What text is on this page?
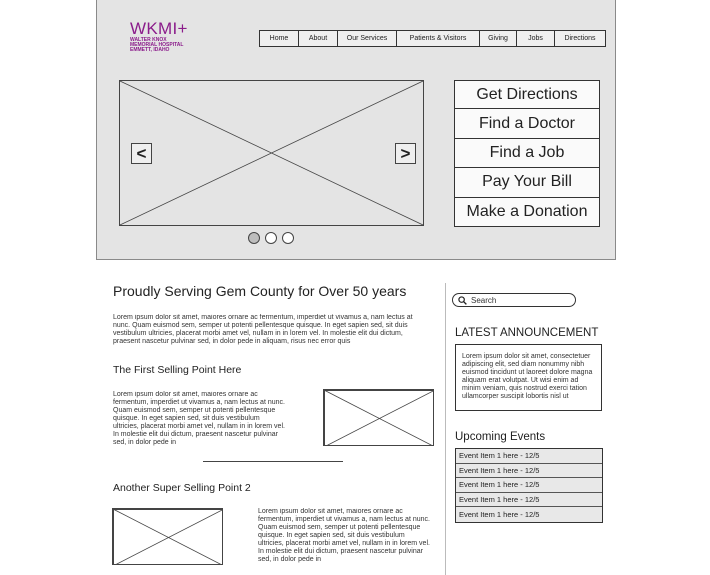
WKMI+
WALTER KNOX
MEMORIAL HOSPITAL
EMMETT, IDAHO
Home	About	Our Services	Patients & Visitors	Giving	Jobs	Directions
<	>
Get Directions
Find a Doctor
Find a Job
Pay Your Bill
Make a Donation
Proudly Serving Gem County for Over 50 years
Lorem ipsum dolor sit amet, maiores ornare ac fermentum, imperdiet ut vivamus a, nam lectus at nunc. Quam euismod sem, semper ut potenti pellentesque quisque. In eget sapien sed, sit duis vestibulum ultricies, placerat morbi amet vel, nullam in in lorem vel. In molestie elit dui dictum, praesent nascetur pulvinar sed, in dolor pede in aliquam, risus nec error quis
The First Selling Point Here
Lorem ipsum dolor sit amet, maiores ornare ac fermentum, imperdiet ut vivamus a, nam lectus at nunc. Quam euismod sem, semper ut potenti pellentesque quisque. In eget sapien sed, sit duis vestibulum ultricies, placerat morbi amet vel, nullam in in lorem vel. In molestie elit dui dictum, praesent nascetur pulvinar sed, in dolor pede in
Another Super Selling Point 2
Lorem ipsum dolor sit amet, maiores ornare ac fermentum, imperdiet ut vivamus a, nam lectus at nunc. Quam euismod sem, semper ut potenti pellentesque quisque. In eget sapien sed, sit duis vestibulum ultricies, placerat morbi amet vel, nullam in in lorem vel. In molestie elit dui dictum, praesent nascetur pulvinar sed, in dolor pede in
Search
LATEST ANNOUNCEMENT
Lorem ipsum dolor sit amet, consectetuer adipiscing elit, sed diam nonummy nibh euismod tincidunt ut laoreet dolore magna aliquam erat volutpat. Ut wisi enim ad minim veniam, quis nostrud exerci tation ullamcorper suscipit lobortis nisl ut
Upcoming Events
Event Item 1 here - 12/5
Event Item 1 here - 12/5
Event Item 1 here - 12/5
Event Item 1 here - 12/5
Event Item 1 here - 12/5
